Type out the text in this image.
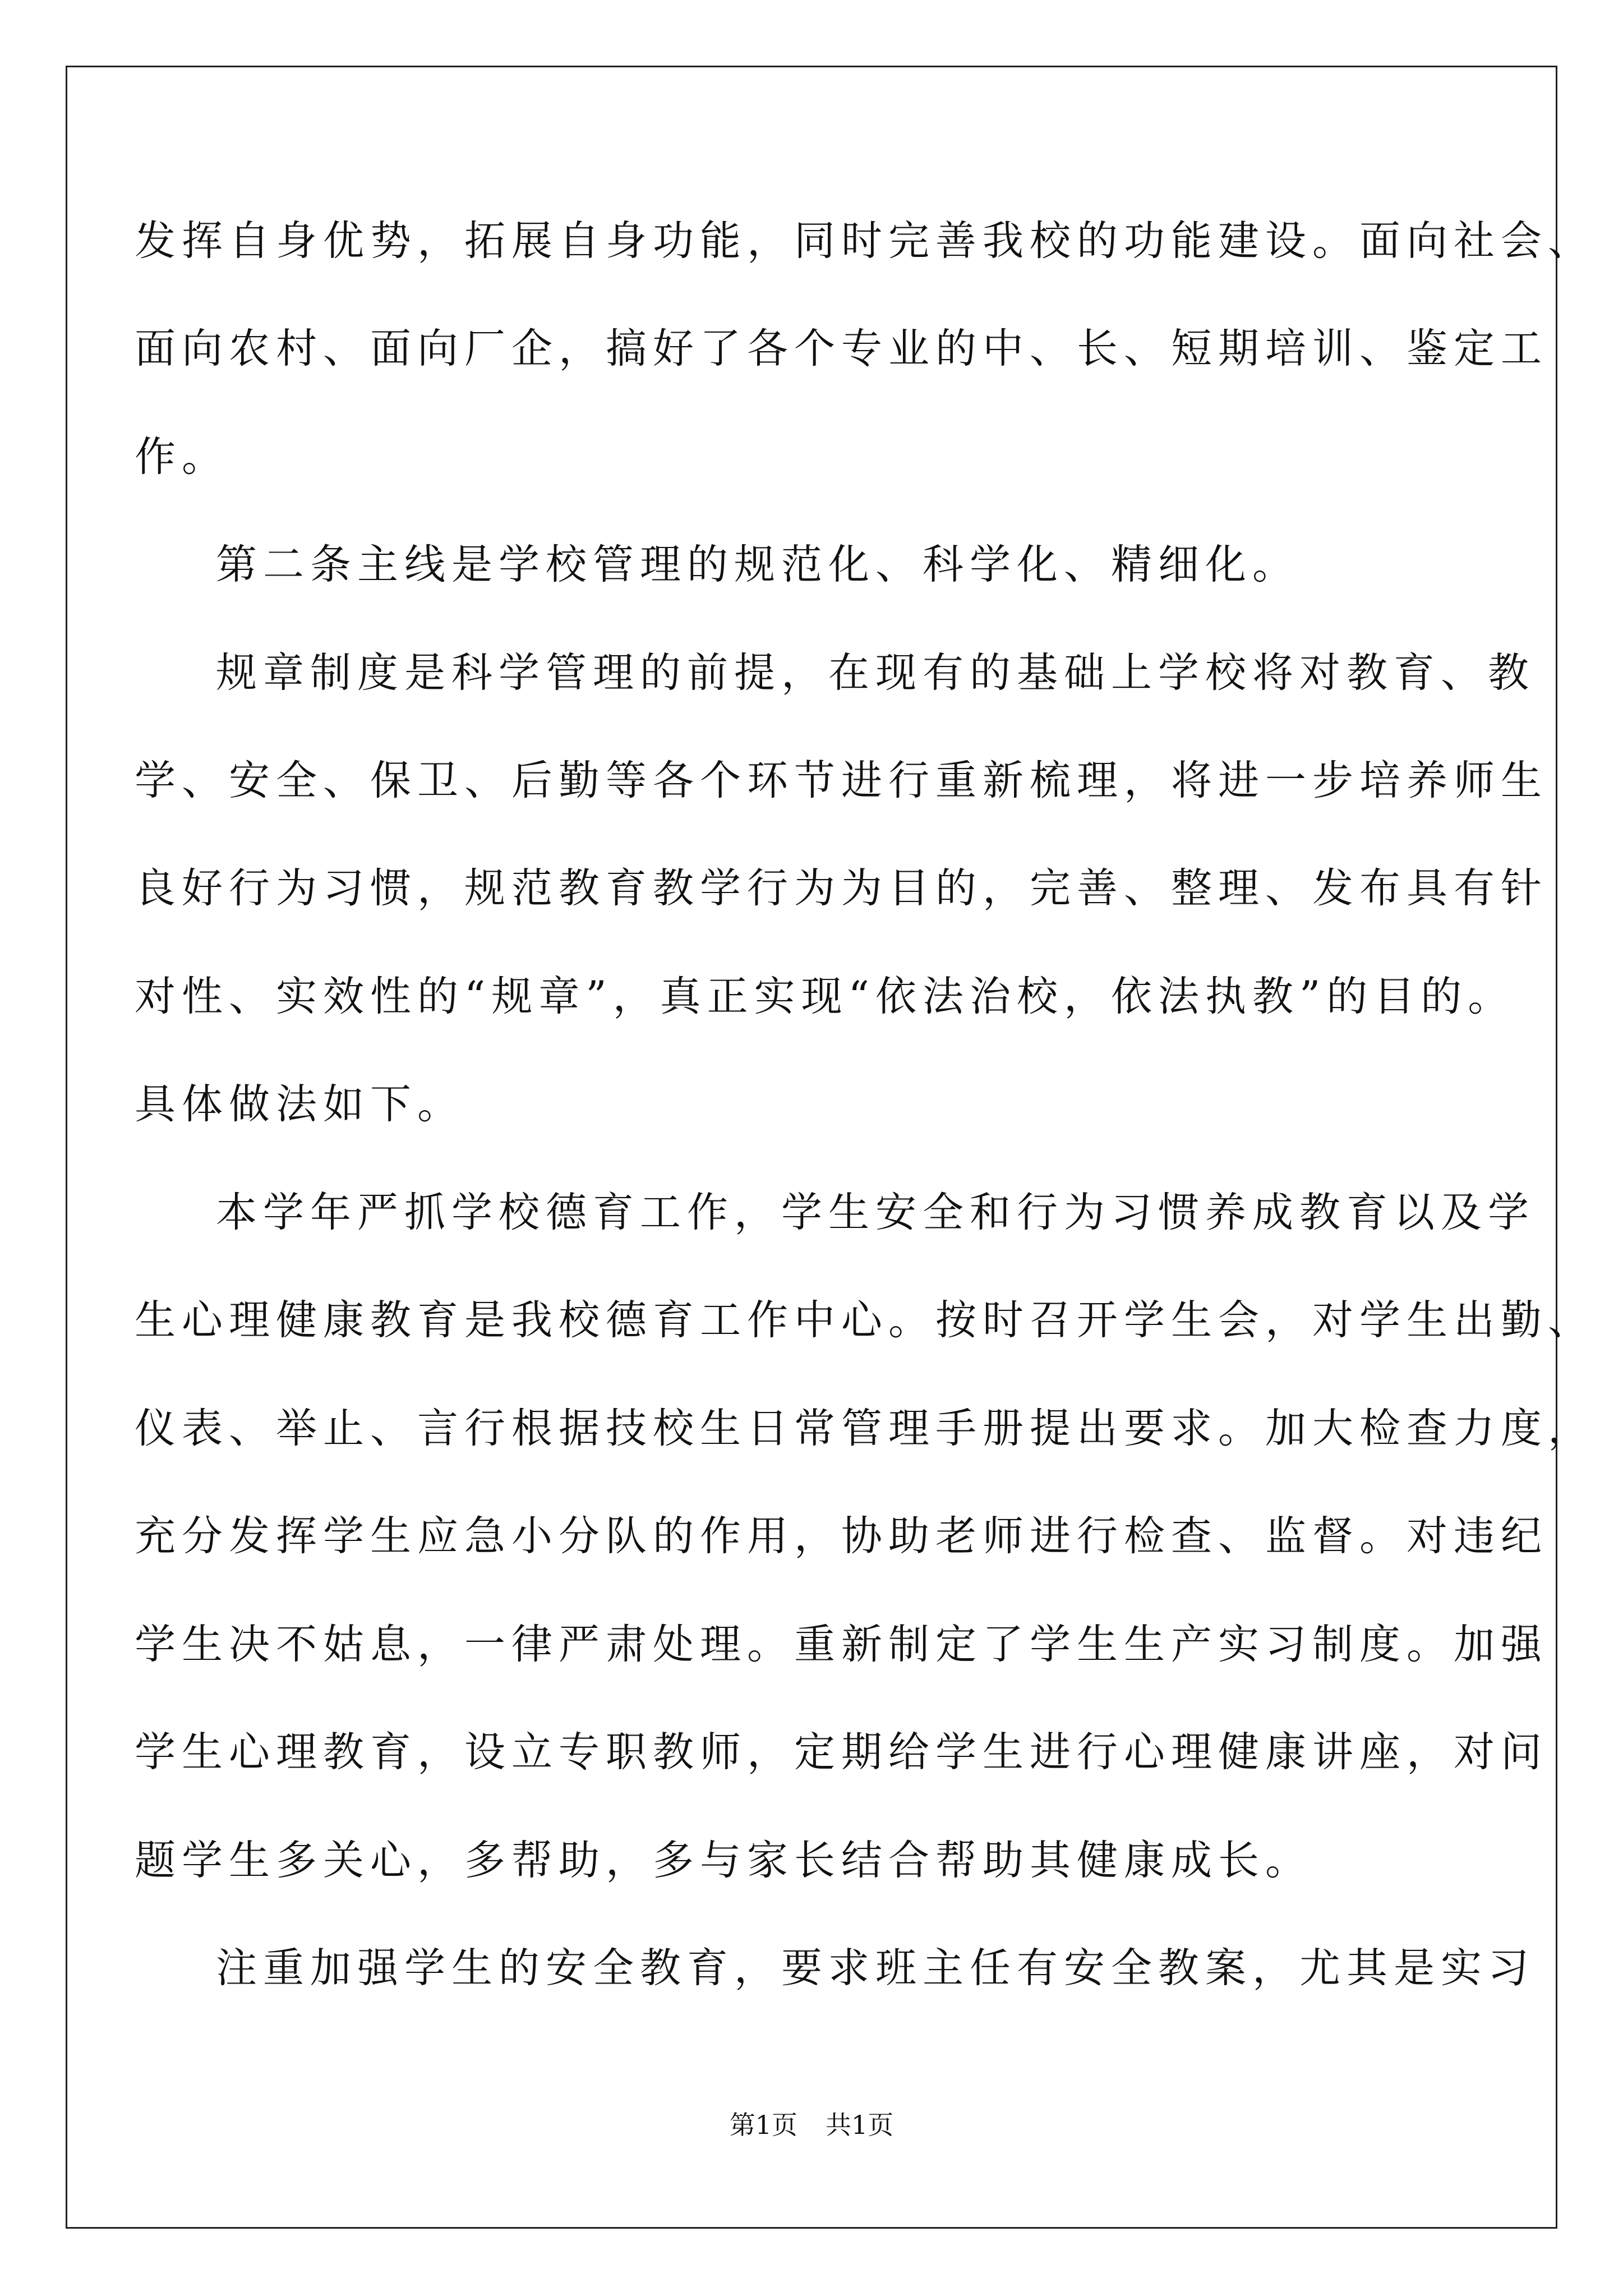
发挥自身优势，拓展自身功能，同时完善我校的功能建设。面向社会、
面向农村、面向厂企，搞好了各个专业的中、长、短期培训、鉴定工
作。
第二条主线是学校管理的规范化、科学化、精细化。
规章制度是科学管理的前提，在现有的基础上学校将对教育、教
学、安全、保卫、后勤等各个环节进行重新梳理，将进一步培养师生
良好行为习惯，规范教育教学行为为目的，完善、整理、发布具有针
对性、实效性的“规章”，真正实现“依法治校，依法执教”的目的。
具体做法如下。
本学年严抓学校德育工作，学生安全和行为习惯养成教育以及学
生心理健康教育是我校德育工作中心。按时召开学生会，对学生出勤、
仪表、举止、言行根据技校生日常管理手册提出要求。加大检查力度，
充分发挥学生应急小分队的作用，协助老师进行检查、监督。对违纪
学生决不姑息，一律严肃处理。重新制定了学生生产实习制度。加强
学生心理教育，设立专职教师，定期给学生进行心理健康讲座，对问
题学生多关心，多帮助，多与家长结合帮助其健康成长。
注重加强学生的安全教育，要求班主任有安全教案，尤其是实习
第1页 共1页
